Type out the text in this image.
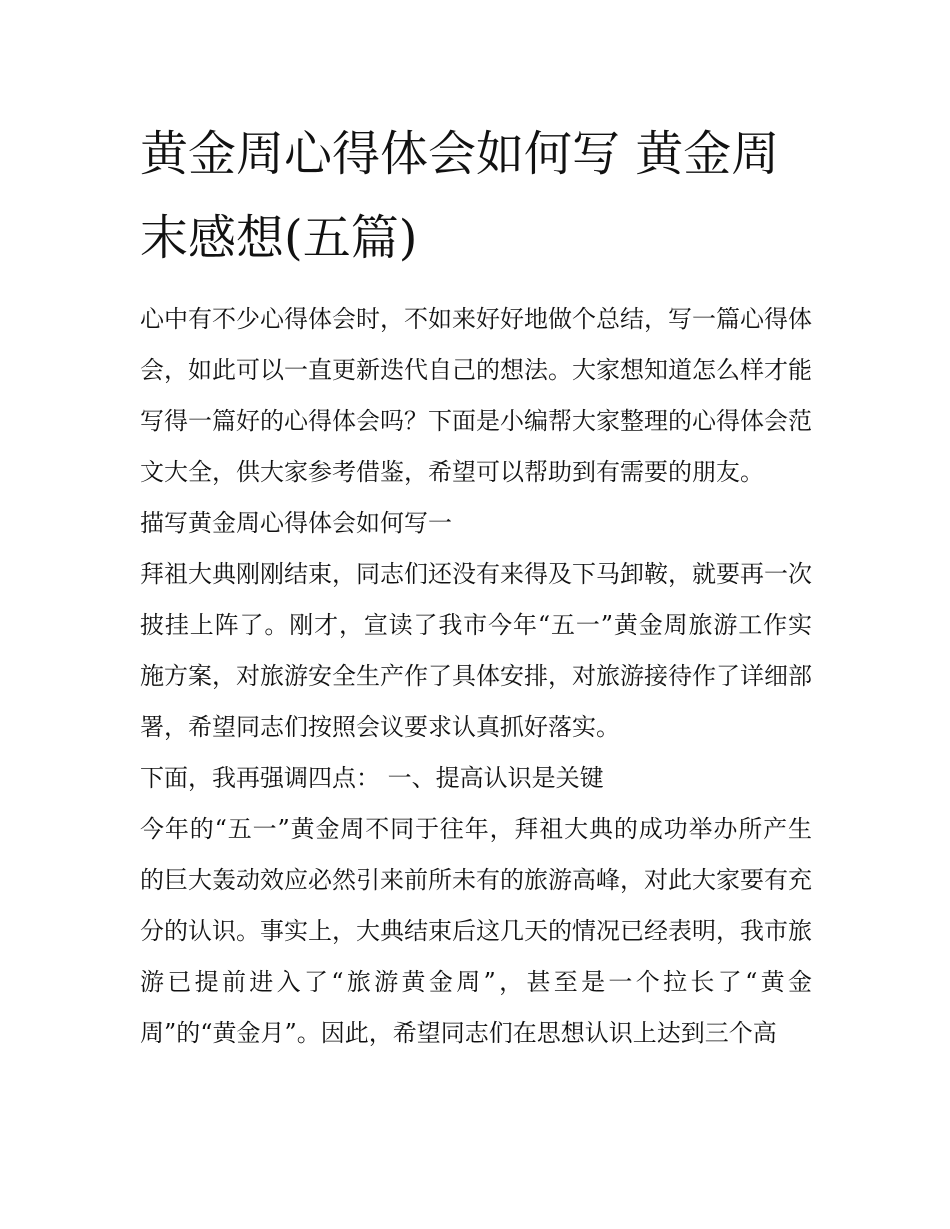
黄金周心得体会如何写 黄金周
末感想(五篇)

心中有不少心得体会时，不如来好好地做个总结，写一篇心得体会，如此可以一直更新迭代自己的想法。大家想知道怎么样才能写得一篇好的心得体会吗？下面是小编帮大家整理的心得体会范文大全，供大家参考借鉴，希望可以帮助到有需要的朋友。

描写黄金周心得体会如何写一

拜祖大典刚刚结束，同志们还没有来得及下马卸鞍，就要再一次披挂上阵了。刚才，宣读了我市今年“五一”黄金周旅游工作实施方案，对旅游安全生产作了具体安排，对旅游接待作了详细部署，希望同志们按照会议要求认真抓好落实。

下面，我再强调四点： 一、提高认识是关键

今年的“五一”黄金周不同于往年，拜祖大典的成功举办所产生的巨大轰动效应必然引来前所未有的旅游高峰，对此大家要有充分的认识。事实上，大典结束后这几天的情况已经表明，我市旅游已提前进入了“旅游黄金周”，甚至是一个拉长了“黄金周”的“黄金月”。因此，希望同志们在思想认识上达到三个高
